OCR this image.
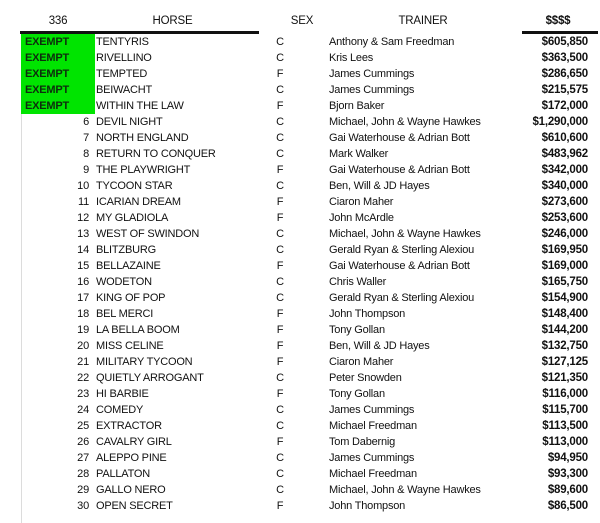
336	HORSE	SEX	TRAINER	$$$$
EXEMPT	TENTYRIS	C	Anthony & Sam Freedman	$605,850
EXEMPT	RIVELLINO	C	Kris Lees	$363,500
EXEMPT	TEMPTED	F	James Cummings	$286,650
EXEMPT	BEIWACHT	C	James Cummings	$215,575
EXEMPT	WITHIN THE LAW	F	Bjorn Baker	$172,000
6 DEVIL NIGHT	C	Michael, John & Wayne Hawkes	$1,290,000
7 NORTH ENGLAND	C	Gai Waterhouse & Adrian Bott	$610,600
8 RETURN TO CONQUER	C	Mark Walker	$483,962
9 THE PLAYWRIGHT	F	Gai Waterhouse & Adrian Bott	$342,000
10 TYCOON STAR	C	Ben, Will & JD Hayes	$340,000
11 ICARIAN DREAM	F	Ciaron Maher	$273,600
12 MY GLADIOLA	F	John McArdle	$253,600
13 WEST OF SWINDON	C	Michael, John & Wayne Hawkes	$246,000
14 BLITZBURG	C	Gerald Ryan & Sterling Alexiou	$169,950
15 BELLAZAINE	F	Gai Waterhouse & Adrian Bott	$169,000
16 WODETON	C	Chris Waller	$165,750
17 KING OF POP	C	Gerald Ryan & Sterling Alexiou	$154,900
18 BEL MERCI	F	John Thompson	$148,400
19 LA BELLA BOOM	F	Tony Gollan	$144,200
20 MISS CELINE	F	Ben, Will & JD Hayes	$132,750
21 MILITARY TYCOON	F	Ciaron Maher	$127,125
22 QUIETLY ARROGANT	C	Peter Snowden	$121,350
23 HI BARBIE	F	Tony Gollan	$116,000
24 COMEDY	C	James Cummings	$115,700
25 EXTRACTOR	C	Michael Freedman	$113,500
26 CAVALRY GIRL	F	Tom Dabernig	$113,000
27 ALEPPO PINE	C	James Cummings	$94,950
28 PALLATON	C	Michael Freedman	$93,300
29 GALLO NERO	C	Michael, John & Wayne Hawkes	$89,600
30 OPEN SECRET	F	John Thompson	$86,500
